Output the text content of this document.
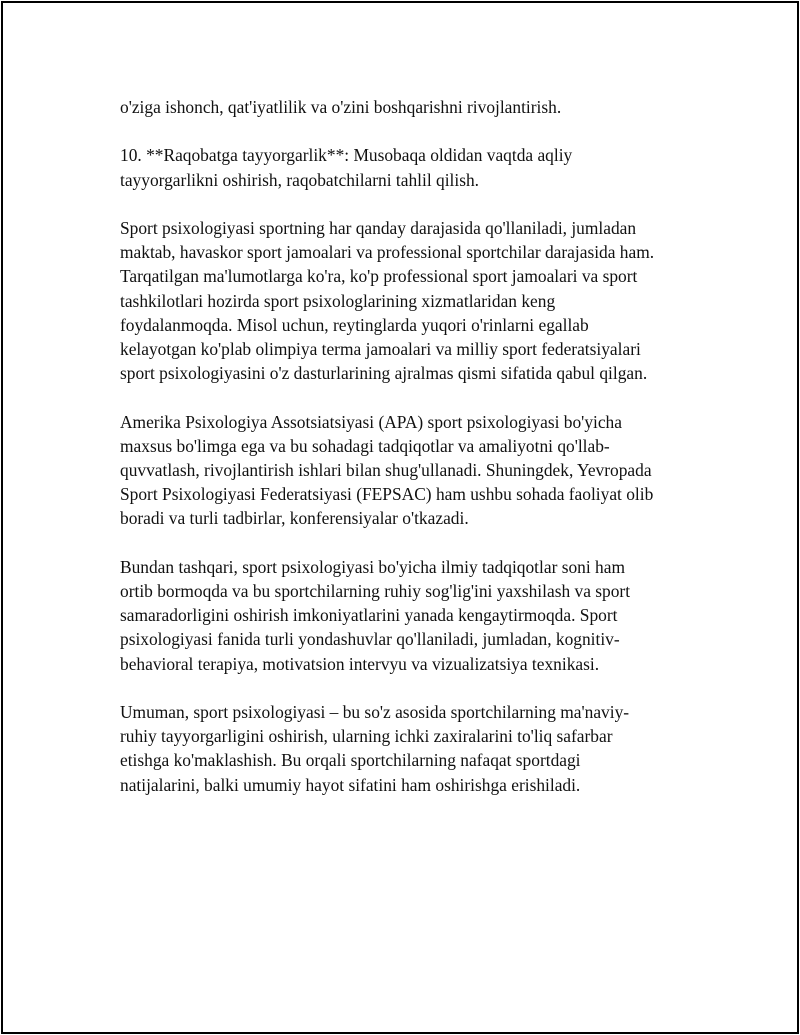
o'ziga ishonch, qat'iyatlilik va o'zini boshqarishni rivojlantirish.

10. **Raqobatga tayyorgarlik**: Musobaqa oldidan vaqtda aqliy
tayyorgarlikni oshirish, raqobatchilarni tahlil qilish.

Sport psixologiyasi sportning har qanday darajasida qo'llaniladi, jumladan
maktab, havaskor sport jamoalari va professional sportchilar darajasida ham.
Tarqatilgan ma'lumotlarga ko'ra, ko'p professional sport jamoalari va sport
tashkilotlari hozirda sport psixologlarining xizmatlaridan keng
foydalanmoqda. Misol uchun, reytinglarda yuqori o'rinlarni egallab
kelayotgan ko'plab olimpiya terma jamoalari va milliy sport federatsiyalari
sport psixologiyasini o'z dasturlarining ajralmas qismi sifatida qabul qilgan.

Amerika Psixologiya Assotsiatsiyasi (APA) sport psixologiyasi bo'yicha
maxsus bo'limga ega va bu sohadagi tadqiqotlar va amaliyotni qo'llab-
quvvatlash, rivojlantirish ishlari bilan shug'ullanadi. Shuningdek, Yevropada
Sport Psixologiyasi Federatsiyasi (FEPSAC) ham ushbu sohada faoliyat olib
boradi va turli tadbirlar, konferensiyalar o'tkazadi.

Bundan tashqari, sport psixologiyasi bo'yicha ilmiy tadqiqotlar soni ham
ortib bormoqda va bu sportchilarning ruhiy sog'lig'ini yaxshilash va sport
samaradorligini oshirish imkoniyatlarini yanada kengaytirmoqda. Sport
psixologiyasi fanida turli yondashuvlar qo'llaniladi, jumladan, kognitiv-
behavioral terapiya, motivatsion intervyu va vizualizatsiya texnikasi.

Umuman, sport psixologiyasi – bu so'z asosida sportchilarning ma'naviy-
ruhiy tayyorgarligini oshirish, ularning ichki zaxiralarini to'liq safarbar
etishga ko'maklashish. Bu orqali sportchilarning nafaqat sportdagi
natijalarini, balki umumiy hayot sifatini ham oshirishga erishiladi.
